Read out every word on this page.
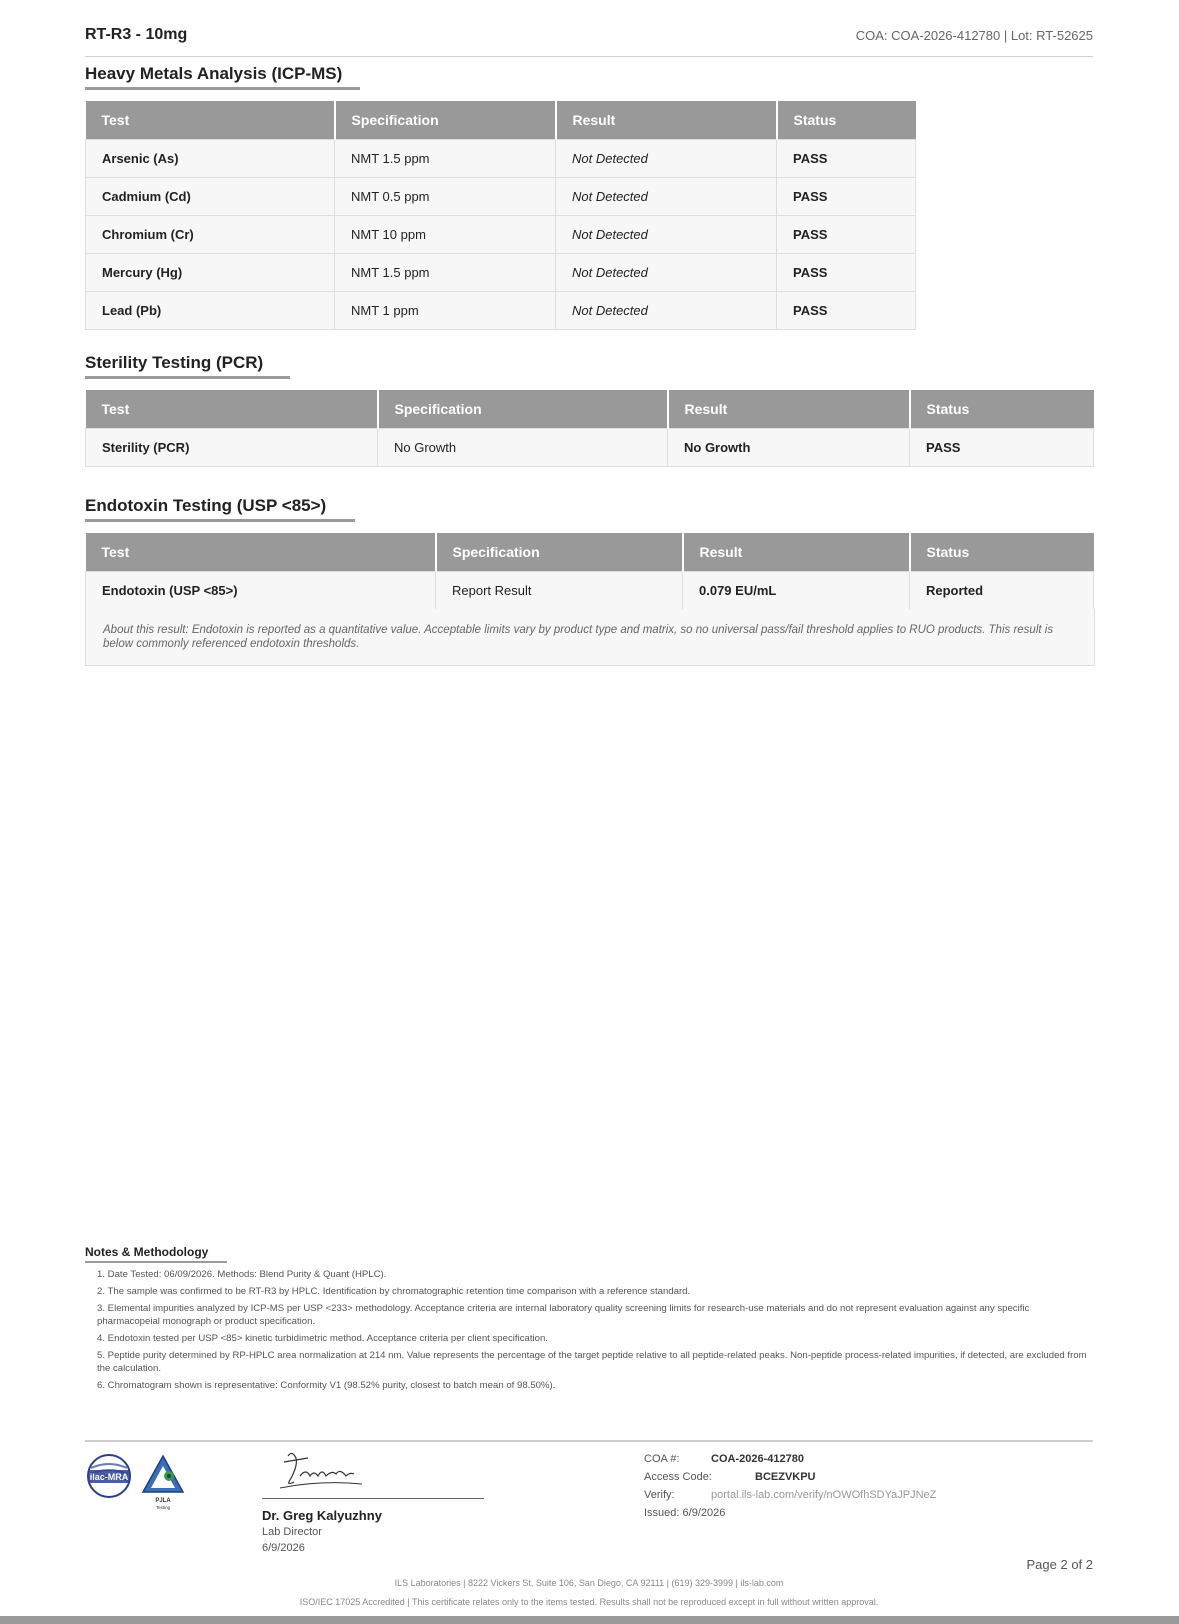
RT-R3 - 10mg	COA: COA-2026-412780 | Lot: RT-52625
Heavy Metals Analysis (ICP-MS)
Test	Specification	Result	Status
Arsenic (As)	NMT 1.5 ppm	Not Detected	PASS
Cadmium (Cd)	NMT 0.5 ppm	Not Detected	PASS
Chromium (Cr)	NMT 10 ppm	Not Detected	PASS
Mercury (Hg)	NMT 1.5 ppm	Not Detected	PASS
Lead (Pb)	NMT 1 ppm	Not Detected	PASS
Sterility Testing (PCR)
Test	Specification	Result	Status
Sterility (PCR)	No Growth	No Growth	PASS
Endotoxin Testing (USP <85>)
Test	Specification	Result	Status
Endotoxin (USP <85>)	Report Result	0.079 EU/mL	Reported
About this result: Endotoxin is reported as a quantitative value. Acceptable limits vary by product type and matrix, so no universal pass/fail threshold applies to RUO products. This result is below commonly referenced endotoxin thresholds.
Notes & Methodology
1. Date Tested: 06/09/2026. Methods: Blend Purity & Quant (HPLC).
2. The sample was confirmed to be RT-R3 by HPLC. Identification by chromatographic retention time comparison with a reference standard.
3. Elemental impurities analyzed by ICP-MS per USP <233> methodology. Acceptance criteria are internal laboratory quality screening limits for research-use materials and do not represent evaluation against any specific pharmacopeial monograph or product specification.
4. Endotoxin tested per USP <85> kinetic turbidimetric method. Acceptance criteria per client specification.
5. Peptide purity determined by RP-HPLC area normalization at 214 nm. Value represents the percentage of the target peptide relative to all peptide-related peaks. Non-peptide process-related impurities, if detected, are excluded from the calculation.
6. Chromatogram shown is representative: Conformity V1 (98.52% purity, closest to batch mean of 98.50%).
ilac-MRA
PJLA
Testing
Dr. Greg Kalyuzhny
Lab Director
6/9/2026
COA #:	COA-2026-412780
Access Code:	BCEZVKPU
Verify:	portal.ils-lab.com/verify/nOWOfhSDYaJPJNeZ
Issued: 6/9/2026
Page 2 of 2
ILS Laboratories | 8222 Vickers St, Suite 106, San Diego, CA 92111 | (619) 329-3999 | ils-lab.com
ISO/IEC 17025 Accredited | This certificate relates only to the items tested. Results shall not be reproduced except in full without written approval.
